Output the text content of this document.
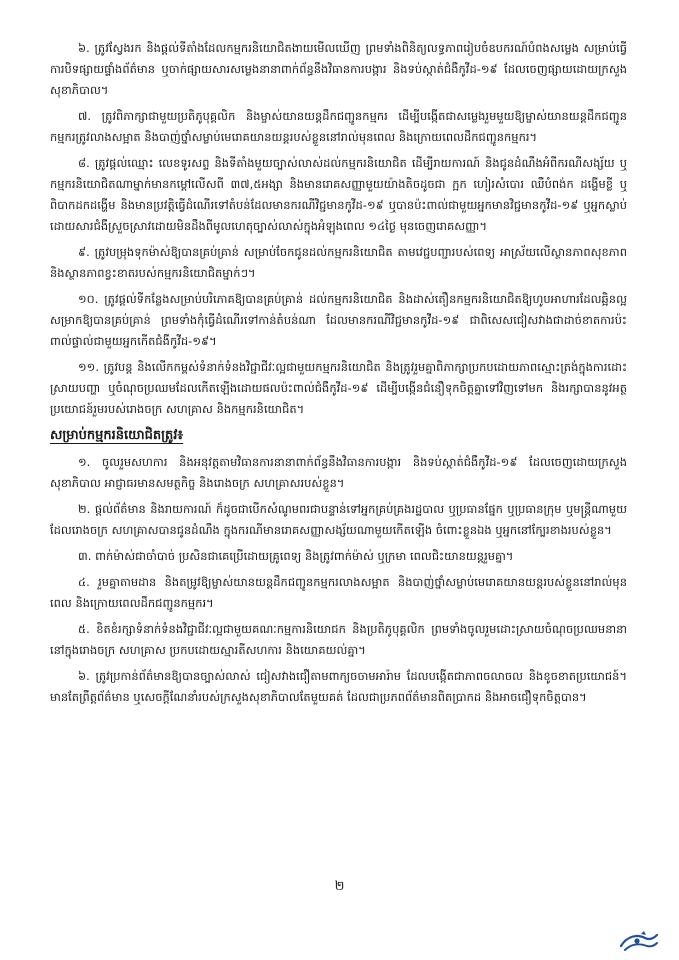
៦. ត្រូវស្វែងរក និងផ្ដល់ទីតាំងដែលកម្មករនិយោជិតងាយមើលឃើញ ព្រមទាំងពិនិត្យលទ្ធភាពរៀបចំឧបករណ៍បំពងសម្លេង សម្រាប់ធ្វើការបិទផ្សាយផ្ទាំងព័ត៌មាន ឬចាក់ផ្សាយសារសម្លេងនានាពាក់ព័ន្ធនឹងវិធានការបង្ការ និងទប់ស្កាត់ជំងឺកូវីដ-១៩ ដែលចេញផ្សាយដោយក្រសួងសុខាភិបាល។

៧. ត្រូវពិភាក្សាជាមួយប្រតិភូបុគ្គលិក និងម្ចាស់យានយន្តដឹកជញ្ជូនកម្មករ ដើម្បីបង្កើតជាសម្លេងរួមមួយឱ្យម្ចាស់យានយន្តដឹកជញ្ជូនកម្មករត្រូវលាងសម្អាត និងបាញ់ថ្នាំសម្លាប់មេរោគយានយន្តរបស់ខ្លួននៅរាល់មុនពេល និងក្រោយពេលដឹកជញ្ជូនកម្មករ។

៨. ត្រូវផ្ដល់ឈ្មោះ លេខទូរសព្ទ និងទីតាំងមួយច្បាស់លាស់ដល់កម្មករនិយោជិត ដើម្បីរាយការណ៍ និងជូនដំណឹងអំពីករណីសង្ស័យ ឬកម្មករនិយោជិតណាម្នាក់មានកម្ដៅលើសពី ៣៧,៥អង្សា និងមានរោគសញ្ញាមួយយ៉ាងតិចដូចជា ក្អក ហៀរសំបោរ ឈឺបំពង់ក ដង្ហើមខ្លី ឬពិបាកដកដង្ហើម និងមានប្រវត្តិធ្វើដំណើរទៅតំបន់ដែលមានករណីវិជ្ជមានកូវីដ-១៩ ឬបានប៉ះពាល់ជាមួយអ្នកមានវិជ្ជមានកូវីដ-១៩ ឬអ្នកស្លាប់ដោយសារជំងឺស្រួចស្រាវដោយមិនដឹងពីមូលហេតុច្បាស់លាស់ក្នុងអំឡុងពេល ១៤ថ្ងៃ មុនចេញរោគសញ្ញា។

៩. ត្រូវបម្រុងទុកម៉ាស់ឱ្យបានគ្រប់គ្រាន់ សម្រាប់ចែកជូនដល់កម្មករនិយោជិត តាមវេជ្ជបញ្ជារបស់ពេទ្យ អាស្រ័យលើស្ថានភាពសុខភាព និងស្ថានភាពខ្វះខាតរបស់កម្មករនិយោជិតម្នាក់ៗ។

១០. ត្រូវផ្ដល់ទីកន្លែងសម្រាប់បរិភោគឱ្យបានគ្រប់គ្រាន់ ដល់កម្មករនិយោជិត និងដាស់តឿនកម្មករនិយោជិតឱ្យហូបអាហារដែលឆ្អិនល្អ សម្រាកឱ្យបានគ្រប់គ្រាន់ ព្រមទាំងកុំធ្វើដំណើរទៅកាន់តំបន់ណា ដែលមានករណីវិជ្ជមានកូវីដ-១៩ ជាពិសេសជៀសវាងជាដាច់ខាតការប៉ះពាល់ផ្ទាល់ជាមួយអ្នកកើតជំងឺកូវីដ-១៩។

១១. ត្រូវបន្ត និងលើកកម្ពស់ទំនាក់ទំនងវិជ្ជាជីវៈល្អជាមួយកម្មករនិយោជិត និងត្រូវរួមគ្នាពិភាក្សាប្រកបដោយភាពស្មោះត្រង់ក្នុងការដោះស្រាយបញ្ហា ឬចំណុចប្រឈមដែលកើតឡើងដោយផលប៉ះពាល់ជំងឺកូវីដ-១៩ ដើម្បីបង្កើនជំនឿទុកចិត្តគ្នាទៅវិញទៅមក និងរក្សាបាននូវអត្ថប្រយោជន៍រួមរបស់រោងចក្រ សហគ្រាស និងកម្មករនិយោជិត។

សម្រាប់កម្មករនិយោជិតត្រូវ៖

១. ចូលរួមសហការ និងអនុវត្តតាមវិធានការនានាពាក់ព័ន្ធនឹងវិធានការបង្ការ និងទប់ស្កាត់ជំងឺកូវីដ-១៩ ដែលចេញដោយក្រសួងសុខាភិបាល អាជ្ញាធរមានសមត្ថកិច្ច និងរោងចក្រ សហគ្រាសរបស់ខ្លួន។

២. ផ្ដល់ព័ត៌មាន និងរាយការណ៍ ក៏ដូចជាបើកសំណូមពរជាបន្ទាន់ទៅអ្នកគ្រប់គ្រងរដ្ឋបាល ឬប្រធានផ្នែក ឬប្រធានក្រុម ឬមន្ត្រីណាមួយ ដែលរោងចក្រ សហគ្រាសបានជូនដំណឹង ក្នុងករណីមានរោគសញ្ញាសង្ស័យណាមួយកើតឡើង ចំពោះខ្លួនឯង ឬអ្នកនៅក្បែរខាងរបស់ខ្លួន។

៣. ពាក់ម៉ាស់ជាចាំបាច់ ប្រសិនជាគេប្រើដោយគ្រូពេទ្យ និងត្រូវពាក់ម៉ាស់ ឬក្រមា ពេលជិះយានយន្តរួមគ្នា។

៤. រួមគ្នាតាមដាន និងតម្រូវឱ្យម្ចាស់យានយន្តដឹកជញ្ជូនកម្មករលាងសម្អាត និងបាញ់ថ្នាំសម្លាប់មេរោគយានយន្តរបស់ខ្លួននៅរាល់មុនពេល និងក្រោយពេលដឹកជញ្ជូនកម្មករ។

៥. ខិតខំរក្សាទំនាក់ទំនងវិជ្ជាជីវៈល្អជាមួយគណៈកម្មការនិយោជក និងប្រតិភូបុគ្គលិក ព្រមទាំងចូលរួមដោះស្រាយចំណុចប្រឈមនានានៅក្នុងរោងចក្រ សហគ្រាស ប្រកបដោយស្មារតីសហការ និងយោគយល់គ្នា។

៦. ត្រូវប្រកាន់ព័ត៌មានឱ្យបានច្បាស់លាស់ ជៀសវាងជឿតាមពាក្យចចាមអារ៉ាម ដែលបង្កើតជាភាពចលាចល និងខូចខាតប្រយោជន៍។ មានតែព្រឹត្តព័ត៌មាន ឬសេចក្ដីណែនាំរបស់ក្រសួងសុខាភិបាលតែមួយគត់ ដែលជាប្រភពព័ត៌មានពិតប្រាកដ និងអាចជឿទុកចិត្តបាន។

២
